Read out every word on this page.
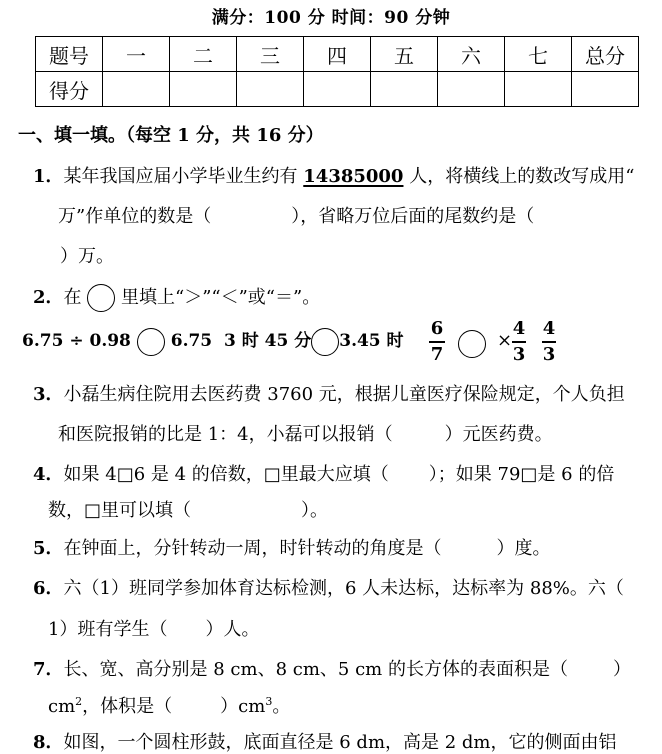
满分：100 分 时间：90 分钟
题号	一	二	三	四	五	六	七	总分
得分								
一、填一填。（每空 1 分，共 16 分）
1．某年我国应届小学毕业生约有 14385000 人，将横线上的数改写成用“
万”作单位的数是（	），省略万位后面的尾数约是（
）万。
2．在 里填上“＞”“＜”或“＝”。
6.75 ÷ 0.98 6.75 3 时 45 分 3.45 时
6
7
×
4
3
4
3
3．小磊生病住院用去医药费 3760 元，根据儿童医疗保险规定，个人负担
和医院报销的比是 1：4，小磊可以报销（	）元医药费。
4．如果 4□6 是 4 的倍数，□里最大应填（ ）；如果 79□是 6 的倍
数，□里可以填（	）。
5．在钟面上，分针转动一周，时针转动的角度是（	）度。
6．六（1）班同学参加体育达标检测，6 人未达标，达标率为 88%。六（
1）班有学生（ ）人。
7．长、宽、高分别是 8 cm、8 cm、5 cm 的长方体的表面积是（	）
$cm^2$，体积是（	）$cm^3$。
8．如图，一个圆柱形鼓，底面直径是 6 dm，高是 2 dm，它的侧面由铝
